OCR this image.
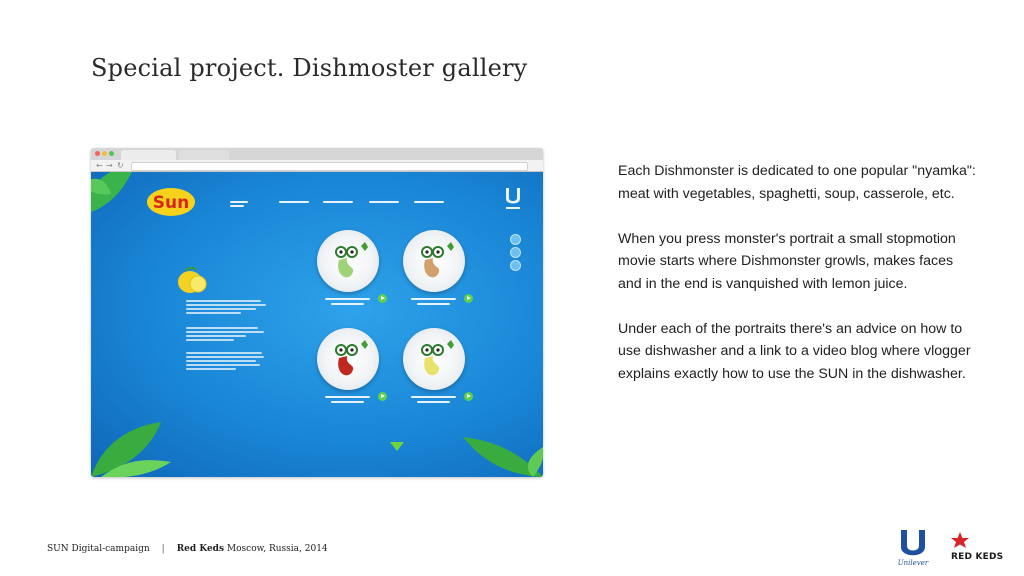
Special project. Dishmoster gallery
← → ↻
Sun

Each Dishmonster is dedicated to one popular "nyamka": meat with vegetables, spaghetti, soup, casserole, etc.

When you press monster's portrait a small stopmotion movie starts where Dishmonster growls, makes faces and in the end is vanquished with lemon juice.

Under each of the portraits there's an advice on how to use dishwasher and a link to a video blog where vlogger explains exactly how to use the SUN in the dishwasher.

SUN Digital-campaign | Red Keds Moscow, Russia, 2014
Unilever
RED KEDS
